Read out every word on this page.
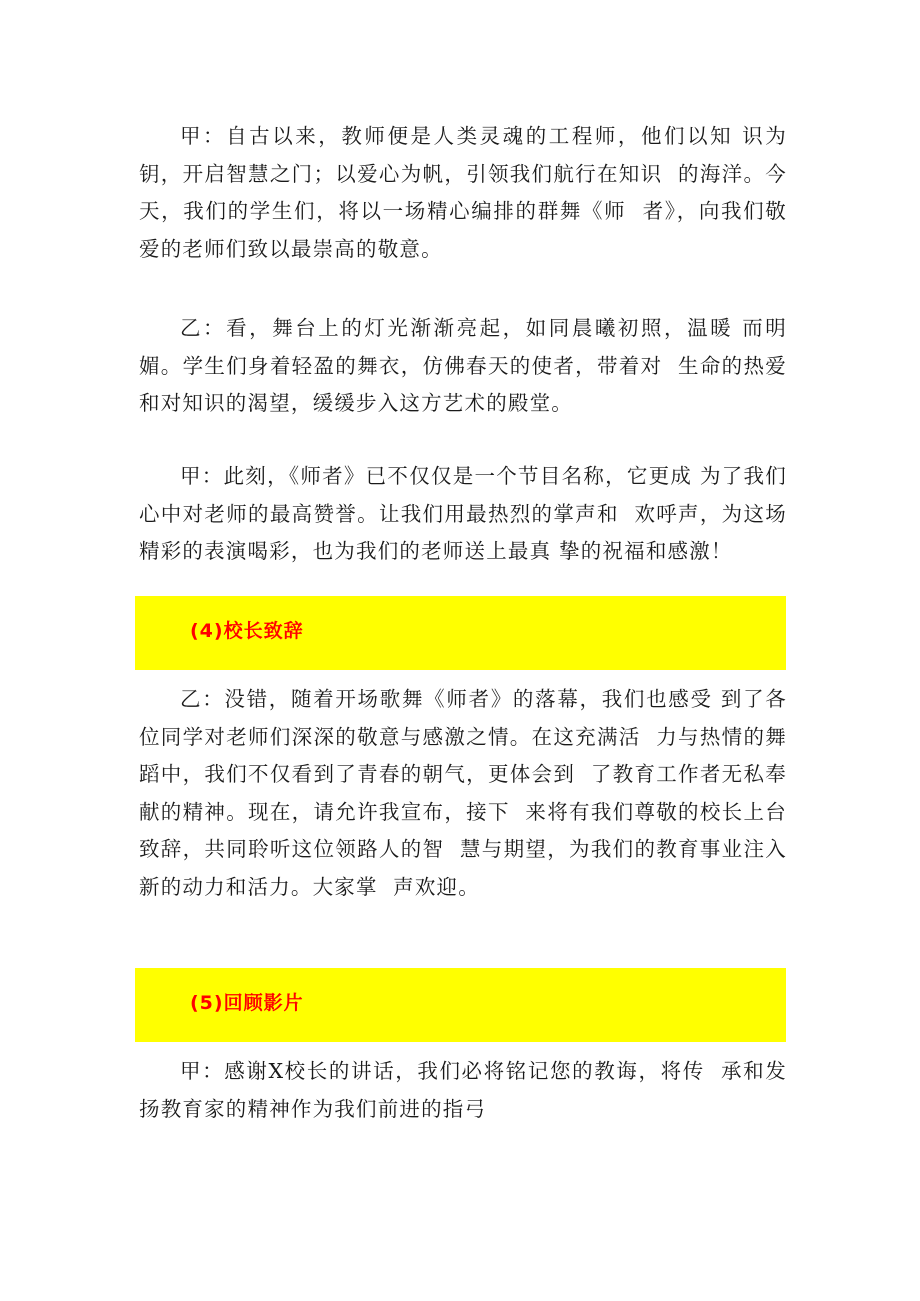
甲：自古以来，教师便是人类灵魂的工程师，他们以知 识为钥，开启智慧之门；以爱心为帆，引领我们航行在知识  的海洋。今天，我们的学生们，将以一场精心编排的群舞《师  者》，向我们敬爱的老师们致以最崇高的敬意。

乙：看，舞台上的灯光渐渐亮起，如同晨曦初照，温暖 而明媚。学生们身着轻盈的舞衣，仿佛春天的使者，带着对  生命的热爱和对知识的渴望，缓缓步入这方艺术的殿堂。

甲：此刻，《师者》已不仅仅是一个节目名称，它更成 为了我们心中对老师的最高赞誉。让我们用最热烈的掌声和  欢呼声，为这场精彩的表演喝彩，也为我们的老师送上最真 挚的祝福和感激！

(4)校长致辞

乙：没错，随着开场歌舞《师者》的落幕，我们也感受 到了各位同学对老师们深深的敬意与感激之情。在这充满活  力与热情的舞蹈中，我们不仅看到了青春的朝气，更体会到  了教育工作者无私奉献的精神。现在，请允许我宣布，接下  来将有我们尊敬的校长上台致辞，共同聆听这位领路人的智  慧与期望，为我们的教育事业注入新的动力和活力。大家掌  声欢迎。

(5)回顾影片

甲：感谢X校长的讲话，我们必将铭记您的教诲，将传  承和发扬教育家的精神作为我们前进的指弓
